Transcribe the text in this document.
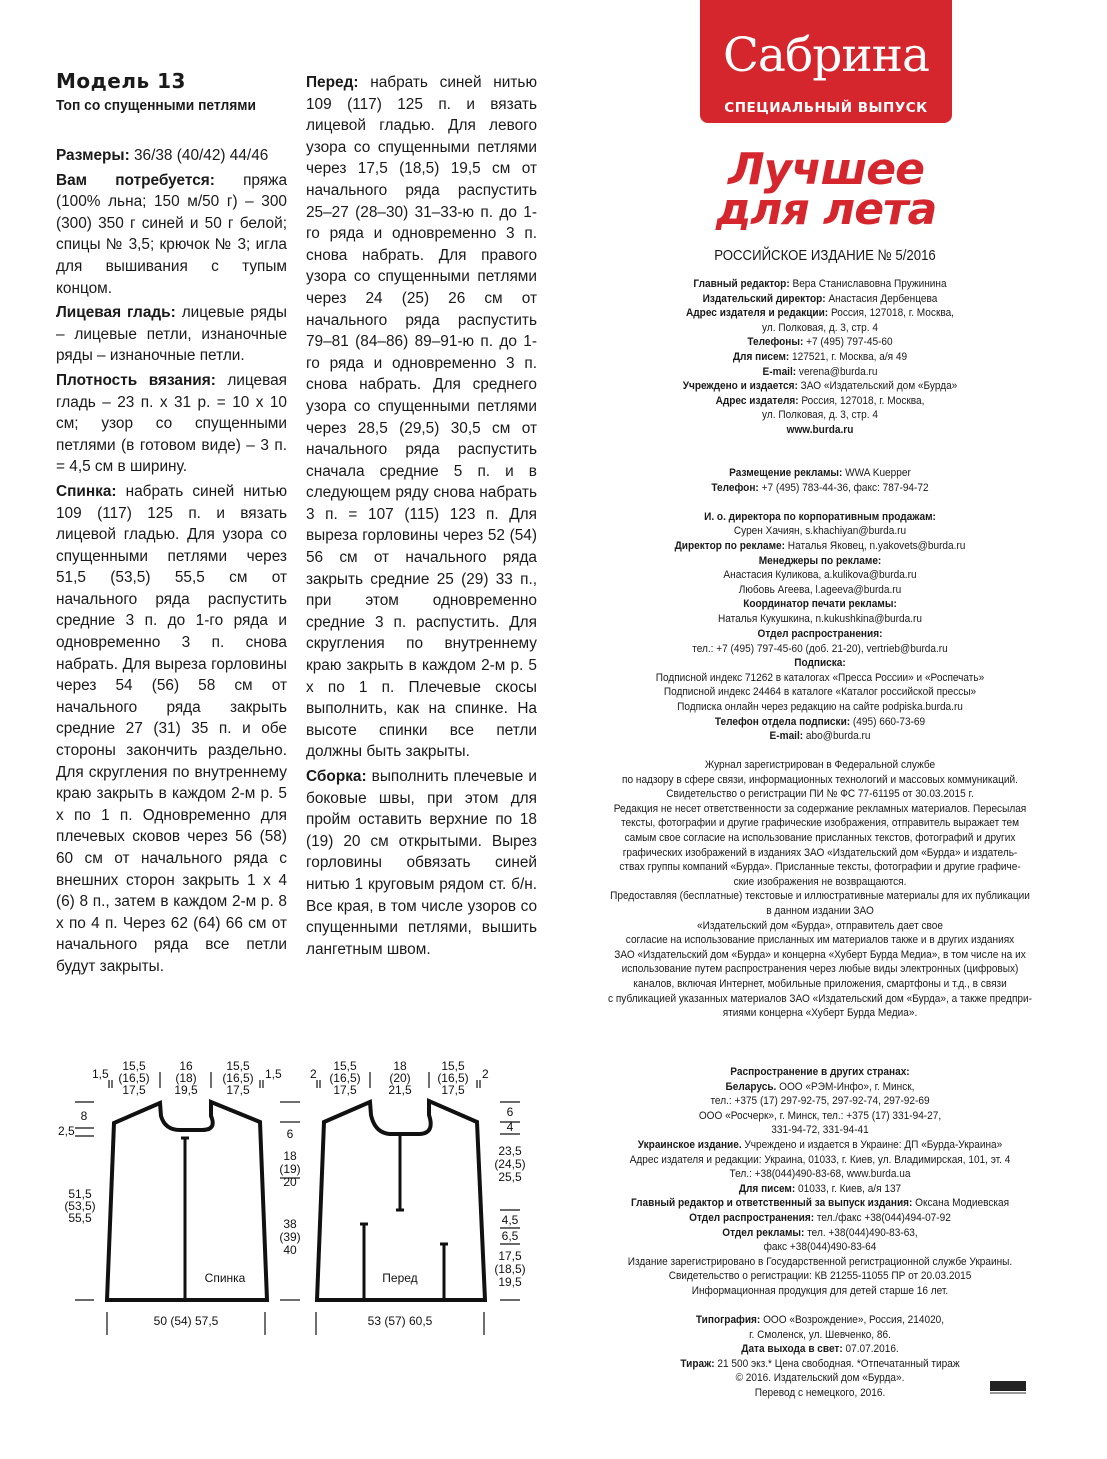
Модель 13
Топ со спущенными петлями

Размеры: 36/38 (40/42) 44/46

Вам потребуется: пряжа (100% льна; 150 м/50 г) – 300 (300) 350 г синей и 50 г белой; спицы № 3,5; крючок № 3; игла для вышивания с тупым концом.

Лицевая гладь: лицевые ряды – лицевые петли, изнаночные ряды – изнаночные петли.

Плотность вязания: лицевая гладь – 23 п. х 31 р. = 10 х 10 см; узор со спущенными петлями (в готовом виде) – 3 п. = 4,5 см в ширину.

Спинка: набрать синей нитью 109 (117) 125 п. и вязать лицевой гладью. Для узора со спущенными петлями через 51,5 (53,5) 55,5 см от начального ряда распустить средние 3 п. до 1-го ряда и одновременно 3 п. снова набрать. Для выреза горловины через 54 (56) 58 см от начального ряда закрыть средние 27 (31) 35 п. и обе стороны закончить раздельно. Для скругления по внутреннему краю закрыть в каждом 2-м р. 5 х по 1 п. Одновременно для плечевых сковов через 56 (58) 60 см от начального ряда с внешних сторон закрыть 1 х 4 (6) 8 п., затем в каждом 2-м р. 8 х по 4 п. Через 62 (64) 66 см от начального ряда все петли будут закрыты.

Перед: набрать синей нитью 109 (117) 125 п. и вязать лицевой гладью. Для левого узора со спущенными петлями через 17,5 (18,5) 19,5 см от начального ряда распустить 25–27 (28–30) 31–33-ю п. до 1-го ряда и одновременно 3 п. снова набрать. Для правого узора со спущенными петлями через 24 (25) 26 см от начального ряда распустить 79–81 (84–86) 89–91-ю п. до 1-го ряда и одновременно 3 п. снова набрать. Для среднего узора со спущенными петлями через 28,5 (29,5) 30,5 см от начального ряда распустить сначала средние 5 п. и в следующем ряду снова набрать 3 п. = 107 (115) 123 п. Для выреза горловины через 52 (54) 56 см от начального ряда закрыть средние 25 (29) 33 п., при этом одновременно средние 3 п. распустить. Для скругления по внутреннему краю закрыть в каждом 2-м р. 5 х по 1 п. Плечевые скосы выполнить, как на спинке. На высоте спинки все петли должны быть закрыты.

Сборка: выполнить плечевые и боковые швы, при этом для пройм оставить верхние по 18 (19) 20 см открытыми. Вырез горловины обвязать синей нитью 1 круговым рядом ст. б/н. Все края, в том числе узоров со спущенными петлями, вышить лангетным швом.

Сабрина
СПЕЦИАЛЬНЫЙ ВЫПУСК
Лучшее
для лета
РОССИЙСКОЕ ИЗДАНИЕ № 5/2016
Главный редактор: Вера Станиславовна Пружинина
Издательский директор: Анастасия Дербенцева
Адрес издателя и редакции: Россия, 127018, г. Москва,
ул. Полковая, д. 3, стр. 4
Телефоны: +7 (495) 797-45-60
Для писем: 127521, г. Москва, а/я 49
E-mail: verena@burda.ru
Учреждено и издается: ЗАО «Издательский дом «Бурда»
Адрес издателя: Россия, 127018, г. Москва,
ул. Полковая, д. 3, стр. 4
www.burda.ru
Размещение рекламы: WWA Kuepper
Телефон: +7 (495) 783-44-36, факс: 787-94-72
И. о. директора по корпоративным продажам:
Сурен Хачиян, s.khachiyan@burda.ru
Директор по рекламе: Наталья Яковец, n.yakovets@burda.ru
Менеджеры по рекламе:
Анастасия Куликова, a.kulikova@burda.ru
Любовь Агеева, l.ageeva@burda.ru
Координатор печати рекламы:
Наталья Кукушкина, n.kukushkina@burda.ru
Отдел распространения:
тел.: +7 (495) 797-45-60 (доб. 21-20), vertrieb@burda.ru
Подписка:
Подписной индекс 71262 в каталогах «Пресса России» и «Роспечать»
Подписной индекс 24464 в каталоге «Каталог российской прессы»
Подписка онлайн через редакцию на сайте podpiska.burda.ru
Телефон отдела подписки: (495) 660-73-69
E-mail: abo@burda.ru
Журнал зарегистрирован в Федеральной службе
по надзору в сфере связи, информационных технологий и массовых коммуникаций.
Свидетельство о регистрации ПИ № ФС 77-61195 от 30.03.2015 г.
Редакция не несет ответственности за содержание рекламных материалов. Пересылая
тексты, фотографии и другие графические изображения, отправитель выражает тем
самым свое согласие на использование присланных текстов, фотографий и других
графических изображений в изданиях ЗАО «Издательский дом «Бурда» и издатель-
ствах группы компаний «Бурда». Присланные тексты, фотографии и другие графиче-
ские изображения не возвращаются.
Предоставляя (бесплатные) текстовые и иллюстративные материалы для их публикации
в данном издании ЗАО
«Издательский дом «Бурда», отправитель дает свое
согласие на использование присланных им материалов также и в других изданиях
ЗАО «Издательский дом «Бурда» и концерна «Хуберт Бурда Медиа», в том числе на их
использование путем распространения через любые виды электронных (цифровых)
каналов, включая Интернет, мобильные приложения, смартфоны и т.д., в связи
с публикацией указанных материалов ЗАО «Издательский дом «Бурда», а также предпри-
ятиями концерна «Хуберт Бурда Медиа».
Распространение в других странах:
Беларусь. ООО «РЭМ-Инфо», г. Минск,
тел.: +375 (17) 297-92-75, 297-92-74, 297-92-69
ООО «Росчерк», г. Минск, тел.: +375 (17) 331-94-27,
331-94-72, 331-94-41
Украинское издание. Учреждено и издается в Украине: ДП «Бурда-Украина»
Адрес издателя и редакции: Украина, 01033, г. Киев, ул. Владимирская, 101, эт. 4
Тел.: +38(044)490-83-68, www.burda.ua
Для писем: 01033, г. Киев, а/я 137
Главный редактор и ответственный за выпуск издания: Оксана Модиевская
Отдел распространения: тел./факс +38(044)494-07-92
Отдел рекламы: тел. +38(044)490-83-63,
факс +38(044)490-83-64
Издание зарегистрировано в Государственной регистрационной службе Украины.
Свидетельство о регистрации: КВ 21255-11055 ПР от 20.03.2015
Информационная продукция для детей старше 16 лет.
Типография: ООО «Возрождение», Россия, 214020,
г. Смоленск, ул. Шевченко, 86.
Дата выхода в свет: 07.07.2016.
Тираж: 21 500 экз.* Цена свободная. *Отпечатанный тираж
© 2016. Издательский дом «Бурда».
Перевод с немецкого, 2016.
1,5
15,5
(16,5)
17,5
16
(18)
19,5
15,5
(16,5)
17,5
1,5
8
2,5
51,5
(53,5)
55,5
Спинка
50 (54) 57,5
6
18
(19)
20
38
(39)
40
2
15,5
(16,5)
17,5
18
(20)
21,5
15,5
(16,5)
17,5
2
6
4
23,5
(24,5)
25,5
4,5
6,5
17,5
(18,5)
19,5
Перед
53 (57) 60,5
